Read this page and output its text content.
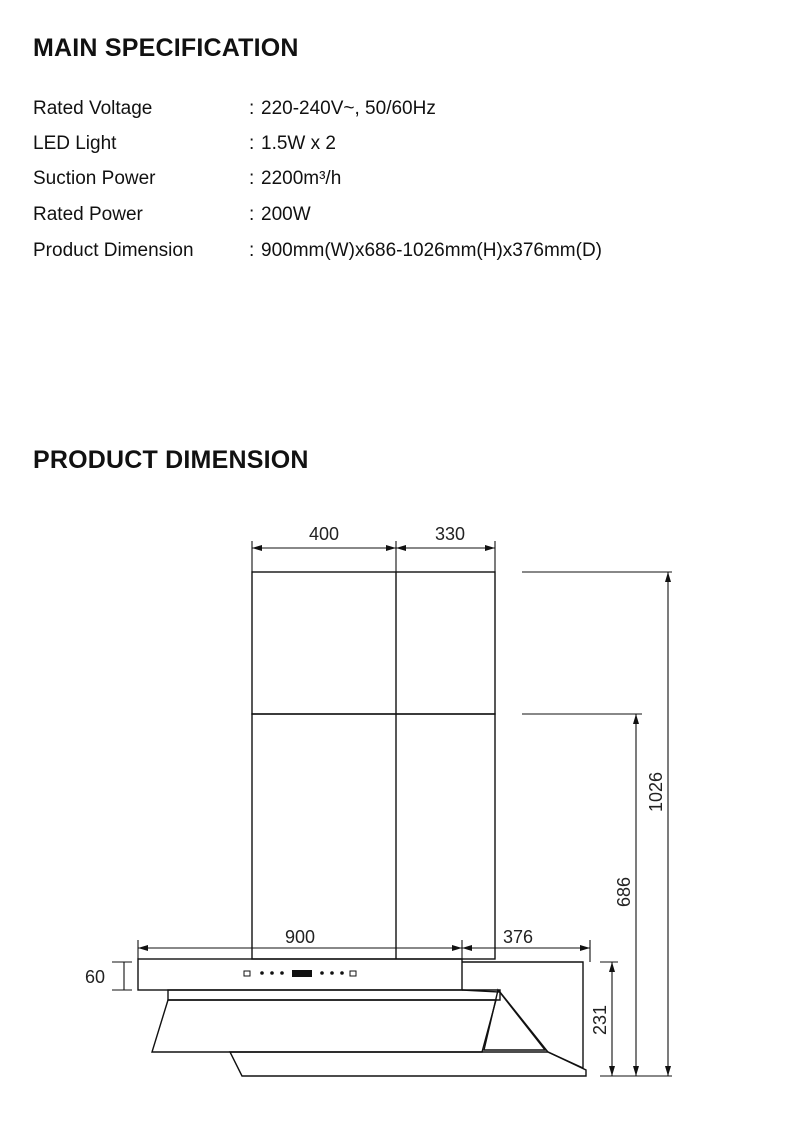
MAIN SPECIFICATION
Rated Voltage	: 220-240V~, 50/60Hz
LED Light	: 1.5W x 2
Suction Power	: 2200m³/h
Rated Power	: 200W
Product Dimension	: 900mm(W)x686-1026mm(H)x376mm(D)
PRODUCT DIMENSION
400	330
900	376
60
1026
686
231
